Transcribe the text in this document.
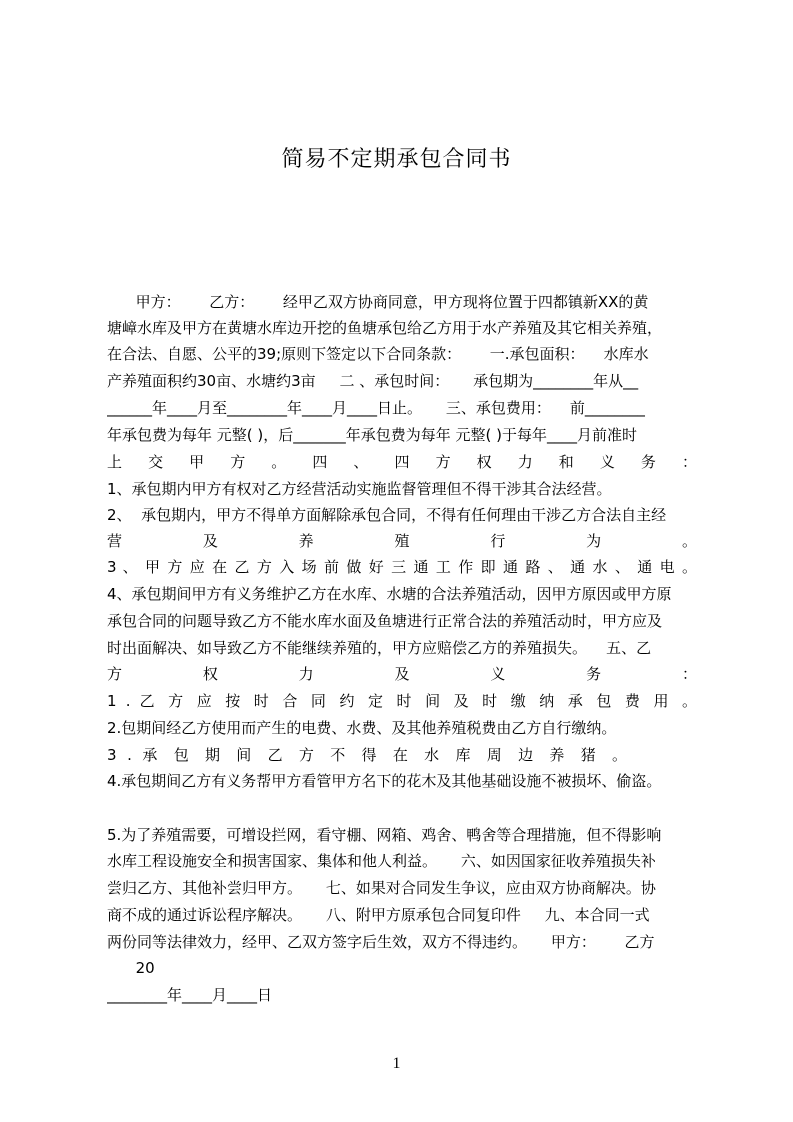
简易不定期承包合同书
甲方：      乙方：      经甲乙双方协商同意，甲方现将位置于四都镇新XX的黄
塘嶂水库及甲方在黄塘水库边开挖的鱼塘承包给乙方用于水产养殖及其它相关养殖，
在合法、自愿、公平的39;原则下签定以下合同条款：      一.承包面积：    水库水
产养殖面积约30亩、水塘约3亩     二 、承包时间：     承包期为________年从__
______年____月至________年____月____日止。     三、承包费用：    前________
年承包费为每年 元整( )，后_______年承包费为每年 元整( )于每年____月前准时
上 交 甲 方 。 四 、 四 方 权 力 和 义 务 ：
1、承包期内甲方有权对乙方经营活动实施监督管理但不得干涉其合法经营。
2、  承包期内，甲方不得单方面解除承包合同，不得有任何理由干涉乙方合法自主经
营 及 养 殖 行 为 。
3 、 甲 方 应 在 乙 方 入 场 前 做 好 三 通 工 作 即 通 路 、 通 水 、 通 电 。
4、承包期间甲方有义务维护乙方在水库、水塘的合法养殖活动，因甲方原因或甲方原
承包合同的问题导致乙方不能水库水面及鱼塘进行正常合法的养殖活动时，甲方应及
时出面解决、如导致乙方不能继续养殖的，甲方应赔偿乙方的养殖损失。    五、乙
方 权 力 及 义 务 ：
1 . 乙 方 应 按 时 合 同 约 定 时 间 及 时 缴 纳 承 包 费 用 。
2.包期间经乙方使用而产生的电费、水费、及其他养殖税费由乙方自行缴纳。
3 . 承 包 期 间 乙 方 不 得 在 水 库 周 边 养 猪 。
4.承包期间乙方有义务帮甲方看管甲方名下的花木及其他基础设施不被损坏、偷盗。
5.为了养殖需要，可增设拦网，看守棚、网箱、鸡舍、鸭舍等合理措施，但不得影响
水库工程设施安全和损害国家、集体和他人利益。     六、如因国家征收养殖损失补
尝归乙方、其他补尝归甲方。     七、如果对合同发生争议，应由双方协商解决。协
商不成的通过诉讼程序解决。     八、附甲方原承包合同复印件     九、本合同一式
两份同等法律效力，经甲、乙双方签字后生效，双方不得违约。     甲方：      乙方
20
________年____月____日
1
